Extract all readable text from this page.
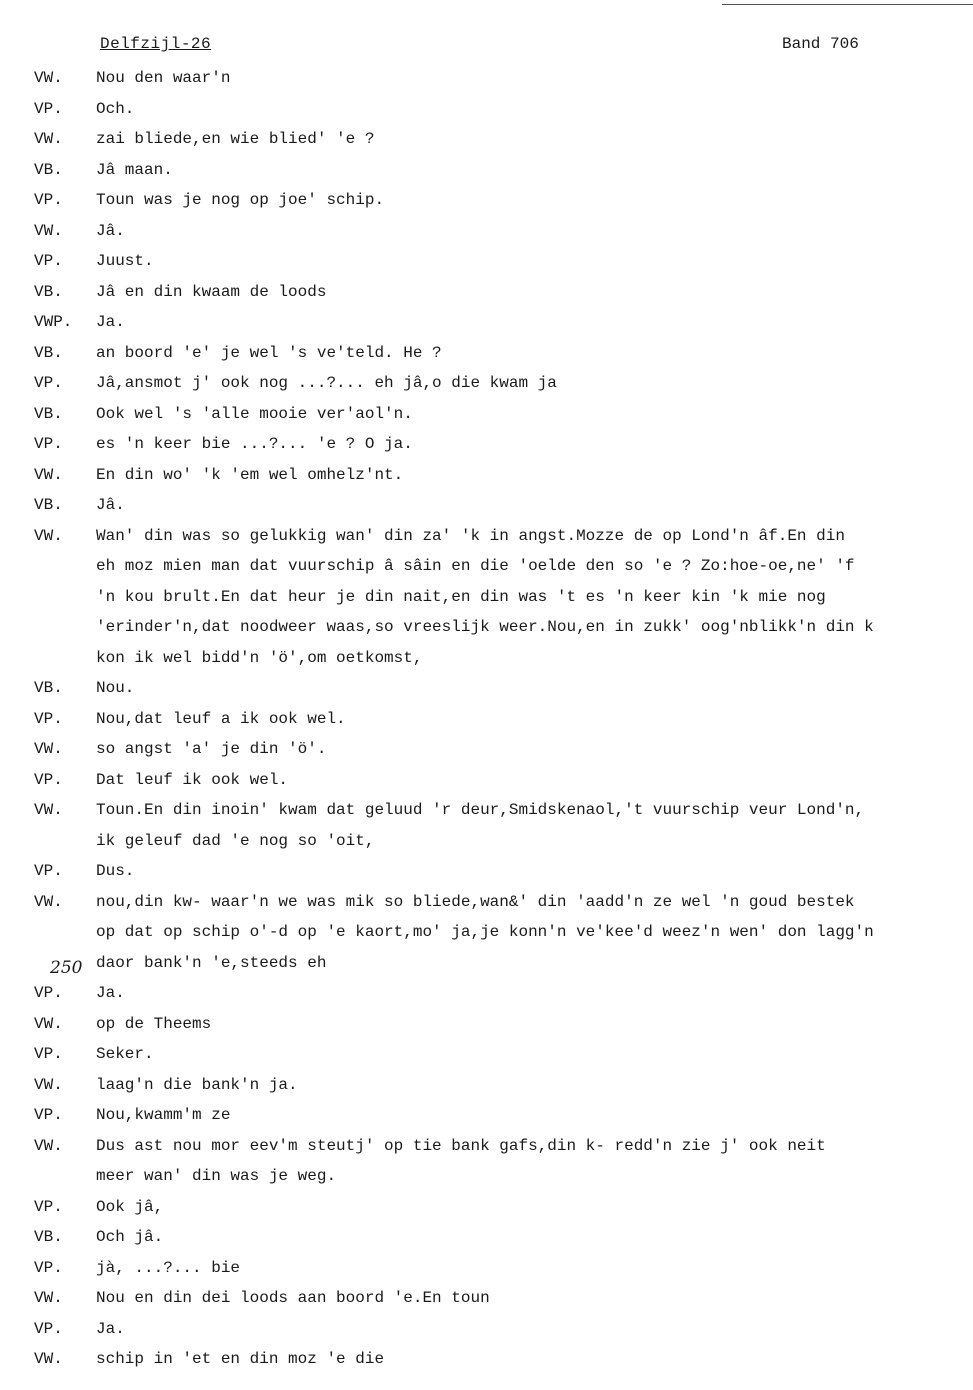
Delfzijl-26	Band 706
250
VW.	Nou den waar'n
VP.	Och.
VW.	zai bliede,en wie blied' 'e ?
VB.	Jâ maan.
VP.	Toun was je nog op joe' schip.
VW.	Jâ.
VP.	Juust.
VB.	Jâ en din kwaam de loods
VWP.	Ja.
VB.	an boord 'e' je wel 's ve'teld. He ?
VP.	Jâ,ansmot j' ook nog ...?... eh jâ,o die kwam ja
VB.	Ook wel 's 'alle mooie ver'aol'n.
VP.	es 'n keer bie ...?... 'e ? O ja.
VW.	En din wo' 'k 'em wel omhelz'nt.
VB.	Jâ.
VW.	Wan' din was so gelukkig wan' din za' 'k in angst.Mozze de op Lond'n âf.En din
eh moz mien man dat vuurschip â sâin en die 'oelde den so 'e ? Zo:hoe-oe,ne' 'f
'n kou brult.En dat heur je din nait,en din was 't es 'n keer kin 'k mie nog
'erinder'n,dat noodweer waas,so vreeslijk weer.Nou,en in zukk' oog'nblikk'n din k
kon ik wel bidd'n 'ö',om oetkomst,
VB.	Nou.
VP.	Nou,dat leuf a ik ook wel.
VW.	so angst 'a' je din 'ö'.
VP.	Dat leuf ik ook wel.
VW.	Toun.En din inoin' kwam dat geluud 'r deur,Smidskenaol,'t vuurschip veur Lond'n,
ik geleuf dad 'e nog so 'oit,
VP.	Dus.
VW.	nou,din kw- waar'n we was mik so bliede,wan&' din 'aadd'n ze wel 'n goud bestek
op dat op schip o'-d op 'e kaort,mo' ja,je konn'n ve'kee'd weez'n wen' don lagg'n
daor bank'n 'e,steeds eh
VP.	Ja.
VW.	op de Theems
VP.	Seker.
VW.	laag'n die bank'n ja.
VP.	Nou,kwamm'm ze
VW.	Dus ast nou mor eev'm steutj' op tie bank gafs,din k- redd'n zie j' ook neit
meer wan' din was je weg.
VP.	Ook jâ,
VB.	Och jâ.
VP.	jà, ...?... bie
VW.	Nou en din dei loods aan boord 'e.En toun
VP.	Ja.
VW.	schip in 'et en din moz 'e die
